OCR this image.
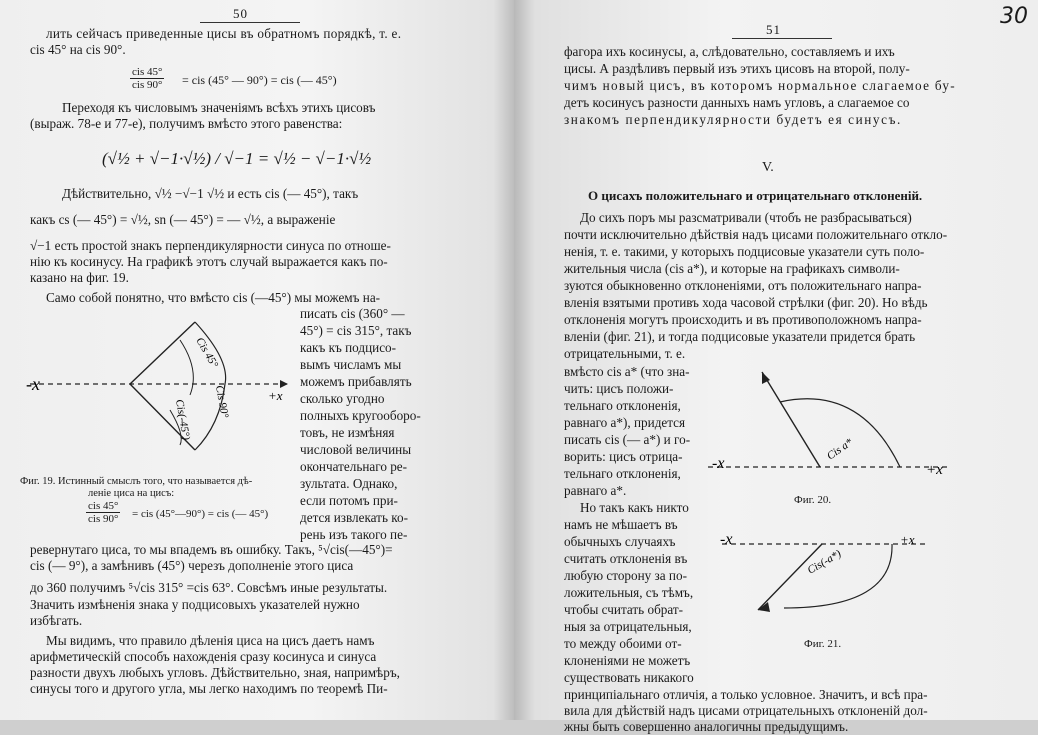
50
лить сейчасъ приведенные цисы въ обратномъ порядкѣ, т. е.
cis 45° на cis 90°.
cis 45°
cis 90° = cis (45° — 90°) = cis (— 45°)
Переходя къ числовымъ значеніямъ всѣхъ этихъ цисовъ
(выраж. 78-е и 77-е), получимъ вмѣсто этого равенства:
(√½ + √−1·√½) / √−1 = √½ − √−1·√½
Дѣйствительно, √½ −√−1 √½ и есть cis (— 45°), такъ
какъ cs (— 45°) = √½, sn (— 45°) = — √½, а выраженіе
√−1 есть простой знакъ перпендикулярности синуса по отноше-
нію къ косинусу. На графикѣ этотъ случай выражается какъ по-
казано на фиг. 19.
Само собой понятно, что вмѣсто cis (—45°) мы можемъ на-
писать cis (360° —
45°) = cis 315°, такъ
какъ къ подцисо-
вымъ числамъ мы
можемъ прибавлять
сколько угодно
полныхъ кругооборо-
товъ, не измѣняя
числовой величины
окончательнаго ре-
зультата. Однако,
если потомъ при-
дется извлекать ко-
рень изъ такого пе-
-x
+x
Cis 45°
Cis 90°
Cis(-45°)
Фиг. 19. Истинный смыслъ того, что называется дѣ-
леніе циса на цисъ:
cis 45°
cis 90° = cis (45°—90°) = cis (— 45°)
ревернутаго циса, то мы впадемъ въ ошибку. Такъ, ⁵√cis(—45°)=
cis (— 9°), а замѣнивъ (45°) черезъ дополненіе этого циса
до 360 получимъ ⁵√cis 315° =cis 63°. Совсѣмъ иные результаты.
Значить измѣненія знака у подцисовыхъ указателей нужно
избѣгать.
Мы видимъ, что правило дѣленія циса на цисъ даетъ намъ
арифметическій способъ нахожденія сразу косинуса и синуса
разности двухъ любыхъ угловъ. Дѣйствительно, зная, напримѣръ,
синусы того и другого угла, мы легко находимъ по теоремѣ Пи-
51
30
фагора ихъ косинусы, а, слѣдовательно, составляемъ и ихъ
цисы. А раздѣливъ первый изъ этихъ цисовъ на второй, полу-
чимъ новый цисъ, въ которомъ нормальное слагаемое бу-
детъ косинусъ разности данныхъ намъ угловъ, а слагаемое со
знакомъ перпендикулярности будетъ ея синусъ.
V.
О цисахъ положительнаго и отрицательнаго отклоненій.
До сихъ поръ мы разсматривали (чтобъ не разбрасываться)
почти исключительно дѣйствія надъ цисами положительнаго откло-
ненія, т. е. такими, у которыхъ подцисовые указатели суть поло-
жительныя числа (cis a*), и которые на графикахъ символи-
зуются обыкновенно отклоненіями, отъ положительнаго напра-
вленія взятыми противъ хода часовой стрѣлки (фиг. 20). Но вѣдь
отклоненія могутъ происходить и въ противоположномъ напра-
вленіи (фиг. 21), и тогда подцисовые указатели придется брать
отрицательными, т. е.
вмѣсто cis a* (что зна-
чить: цисъ положи-
тельнаго отклоненія,
равнаго a*), придется
писать cis (— a*) и го-
ворить: цисъ отрица-
тельнаго отклоненія,
равнаго a*.
Но такъ какъ никто
намъ не мѣшаетъ въ
обычныхъ случаяхъ
считать отклоненія въ
любую сторону за по-
ложительныя, съ тѣмъ,
чтобы считать обрат-
ныя за отрицательныя,
то между обоими от-
клоненіями не можетъ
существовать никакого
принципіальнаго отличія, а только условное. Значитъ, и всѣ пра-
вила для дѣйствій надъ цисами отрицательныхъ отклоненій дол-
жны быть совершенно аналогичны предыдущимъ.
-x	+x
Cis a*
Фиг. 20.
-x	+x
Cis(-a*)
Фиг. 21.
